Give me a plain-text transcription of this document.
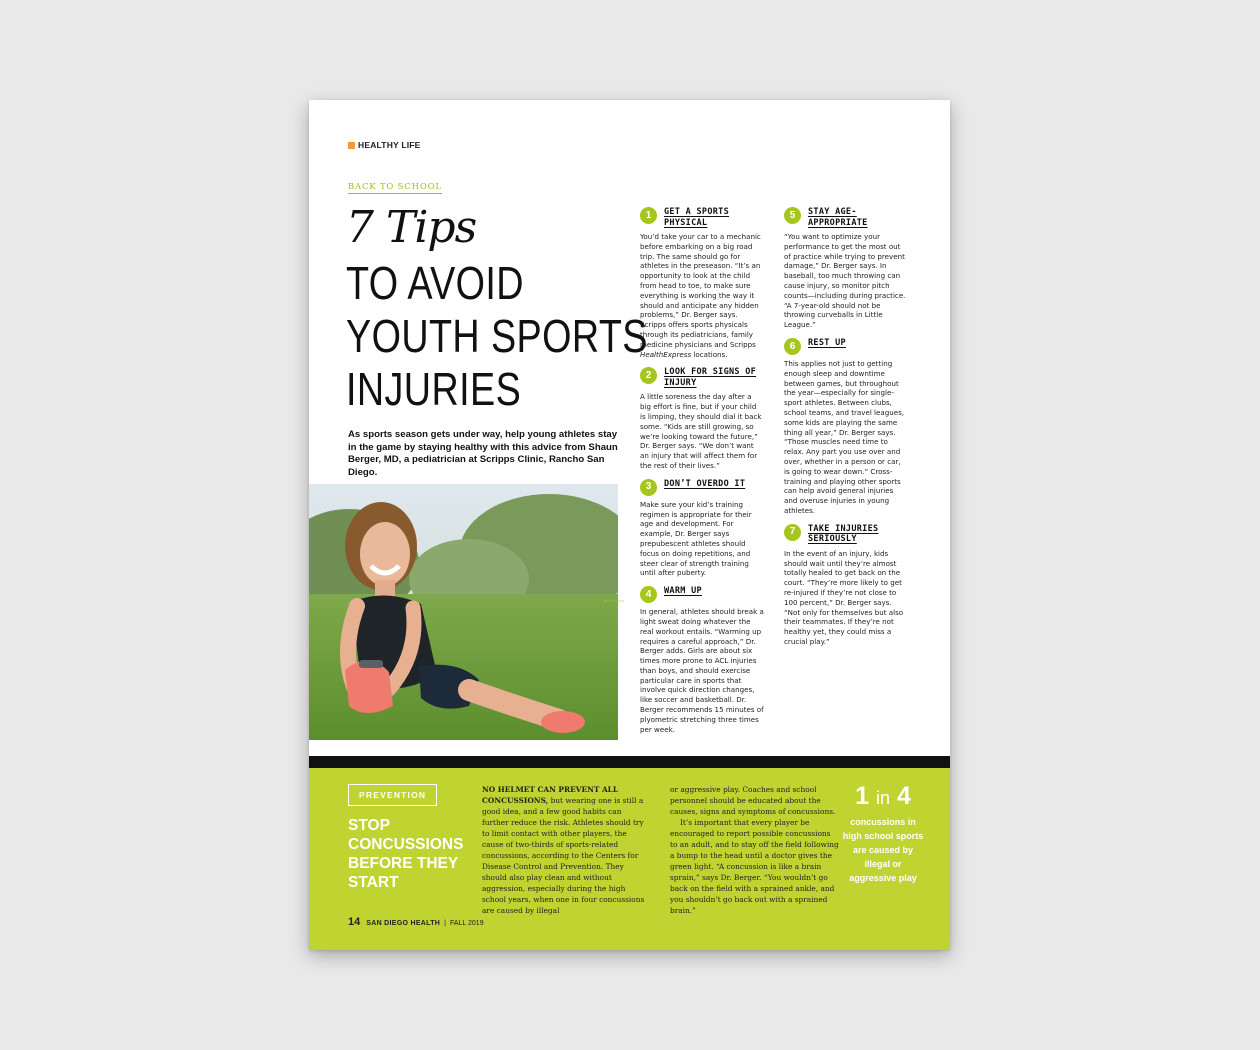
HEALTHY LIFE
BACK TO SCHOOL
7 Tips
TO AVOID
YOUTH SPORTS
INJURIES
As sports season gets under way, help young athletes stay in the game by staying healthy with this advice from Shaun Berger, MD, a pediatrician at Scripps Clinic, Rancho San Diego.
1	GET A SPORTS PHYSICAL

You’d take your car to a mechanic before embarking on a big road trip. The same should go for athletes in the preseason. “It’s an opportunity to look at the child from head to toe, to make sure everything is working the way it should and anticipate any hidden problems,” Dr. Berger says. Scripps offers sports physicals through its pediatricians, family medicine physicians and Scripps HealthExpress locations.

2	LOOK FOR SIGNS OF INJURY

A little soreness the day after a big effort is fine, but if your child is limping, they should dial it back some. “Kids are still growing, so we’re looking toward the future,” Dr. Berger says. “We don’t want an injury that will affect them for the rest of their lives.”

3	DON’T OVERDO IT

Make sure your kid’s training regimen is appropriate for their age and development. For example, Dr. Berger says prepubescent athletes should focus on doing repetitions, and steer clear of strength training until after puberty.

4	WARM UP

In general, athletes should break a light sweat doing whatever the real workout entails. “Warming up requires a careful approach,” Dr. Berger adds. Girls are about six times more prone to ACL injuries than boys, and should exercise particular care in sports that involve quick direction changes, like soccer and basketball. Dr. Berger recommends 15 minutes of plyometric stretching three times per week.

5	STAY AGE-APPROPRIATE

“You want to optimize your performance to get the most out of practice while trying to prevent damage,” Dr. Berger says. In baseball, too much throwing can cause injury, so monitor pitch counts—including during practice. “A 7-year-old should not be throwing curveballs in Little League.”

6	REST UP

This applies not just to getting enough sleep and downtime between games, but throughout the year—especially for single-sport athletes. Between clubs, school teams, and travel leagues, some kids are playing the same thing all year,” Dr. Berger says. “Those muscles need time to relax. Any part you use over and over, whether in a person or car, is going to wear down.” Cross-training and playing other sports can help avoid general injuries and overuse injuries in young athletes.

7	TAKE INJURIES SERIOUSLY

In the event of an injury, kids should wait until they’re almost totally healed to get back on the court. “They’re more likely to get re-injured if they’re not close to 100 percent,” Dr. Berger says. “Not only for themselves but also their teammates. If they’re not healthy yet, they could miss a crucial play.”

PREVENTION
STOP CONCUSSIONS BEFORE THEY START
NO HELMET CAN PREVENT ALL CONCUSSIONS, but wearing one is still a good idea, and a few good habits can further reduce the risk. Athletes should try to limit contact with other players, the cause of two-thirds of sports-related concussions, according to the Centers for Disease Control and Prevention. They should also play clean and without aggression, especially during the high school years, when one in four concussions are caused by illegal
or aggressive play. Coaches and school personnel should be educated about the causes, signs and symptoms of concussions.
It’s important that every player be encouraged to report possible concussions to an adult, and to stay off the field following a bump to the head until a doctor gives the green light. “A concussion is like a brain sprain,” says Dr. Berger. “You wouldn’t go back on the field with a sprained ankle, and you shouldn’t go back out with a sprained brain.”
1 in 4
concussions in high school sports are caused by illegal or aggressive play
14 SAN DIEGO HEALTH | FALL 2019
